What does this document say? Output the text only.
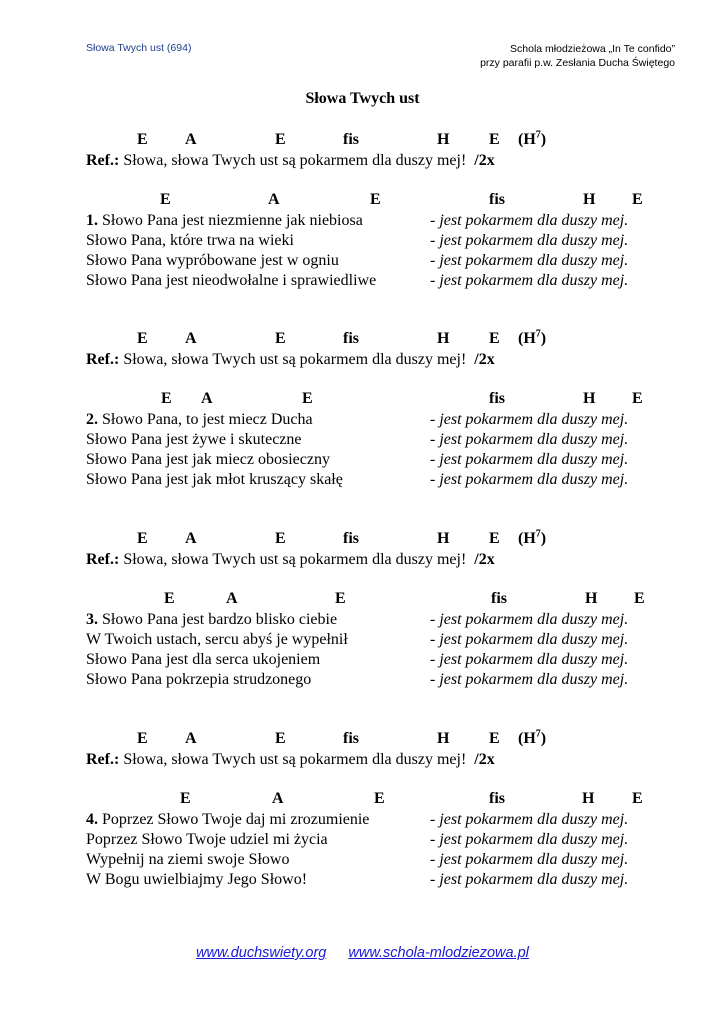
Słowa Twych ust (694)	Schola młodzieżowa „In Te confido”
przy parafii p.w. Zesłania Ducha Świętego
Słowa Twych ust
E A	E	fis	H E $(H^7)$
Ref.: Słowa, słowa Twych ust są pokarmem dla duszy mej! /2x
E	A	E	fis	H E
1. Słowo Pana jest niezmienne jak niebiosa	- jest pokarmem dla duszy mej.
Słowo Pana, które trwa na wieki	- jest pokarmem dla duszy mej.
Słowo Pana wypróbowane jest w ogniu	- jest pokarmem dla duszy mej.
Słowo Pana jest nieodwołalne i sprawiedliwe	- jest pokarmem dla duszy mej.
E A	E	fis	H E $(H^7)$
Ref.: Słowa, słowa Twych ust są pokarmem dla duszy mej! /2x
E A	E	fis	H E
2. Słowo Pana, to jest miecz Ducha	- jest pokarmem dla duszy mej.
Słowo Pana jest żywe i skuteczne	- jest pokarmem dla duszy mej.
Słowo Pana jest jak miecz obosieczny	- jest pokarmem dla duszy mej.
Słowo Pana jest jak młot kruszący skałę	- jest pokarmem dla duszy mej.
E A	E	fis	H E $(H^7)$
Ref.: Słowa, słowa Twych ust są pokarmem dla duszy mej! /2x
E	A	E	fis	H E
3. Słowo Pana jest bardzo blisko ciebie	- jest pokarmem dla duszy mej.
W Twoich ustach, sercu abyś je wypełnił	- jest pokarmem dla duszy mej.
Słowo Pana jest dla serca ukojeniem	- jest pokarmem dla duszy mej.
Słowo Pana pokrzepia strudzonego	- jest pokarmem dla duszy mej.
E A	E	fis	H E $(H^7)$
Ref.: Słowa, słowa Twych ust są pokarmem dla duszy mej! /2x
E	A	E	fis	H E
4. Poprzez Słowo Twoje daj mi zrozumienie	- jest pokarmem dla duszy mej.
Poprzez Słowo Twoje udziel mi życia	- jest pokarmem dla duszy mej.
Wypełnij na ziemi swoje Słowo	- jest pokarmem dla duszy mej.
W Bogu uwielbiajmy Jego Słowo!	- jest pokarmem dla duszy mej.
www.duchswiety.org www.schola-mlodziezowa.pl
